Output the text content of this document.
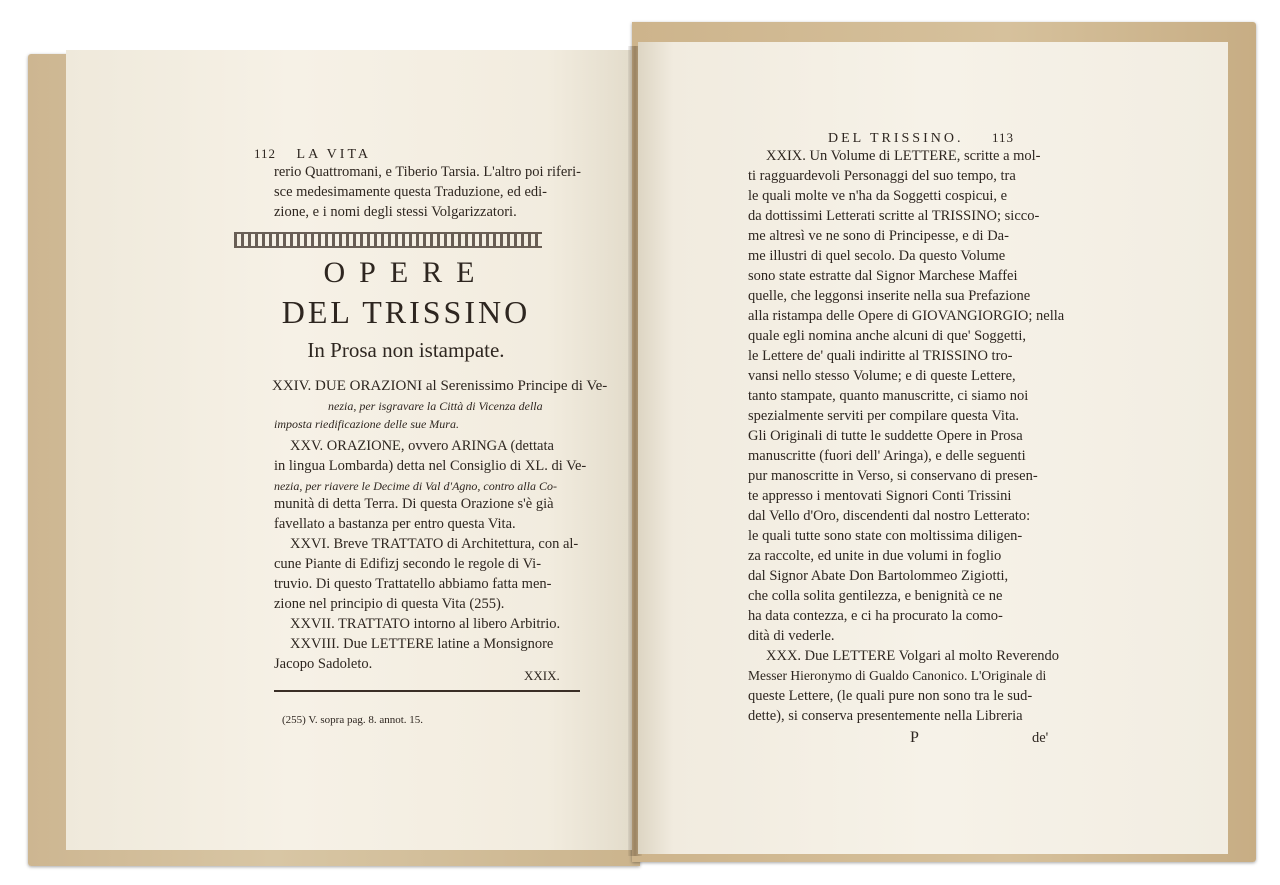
112 LA VITA
rerio Quattromani, e Tiberio Tarsia. L'altro poi riferi-
sce medesimamente questa Traduzione, ed edi-
zione, e i nomi degli stessi Volgarizzatori.
OPERE
DEL TRISSINO
In Prosa non istampate.
XXIV. DUE ORAZIONI al Serenissimo Principe di Ve-
nezia, per isgravare la Città di Vicenza della
imposta riedificazione delle sue Mura.
XXV. ORAZIONE, ovvero ARINGA (dettata
in lingua Lombarda) detta nel Consiglio di XL. di Ve-
nezia, per riavere le Decime di Val d'Agno, contro alla Co-
munità di detta Terra. Di questa Orazione s'è già
favellato a bastanza per entro questa Vita.
XXVI. Breve TRATTATO di Architettura, con al-
cune Piante di Edifizj secondo le regole di Vi-
truvio. Di questo Trattatello abbiamo fatta men-
zione nel principio di questa Vita (255).
XXVII. TRATTATO intorno al libero Arbitrio.
XXVIII. Due LETTERE latine a Monsignore
Jacopo Sadoleto.
XXIX.
(255) V. sopra pag. 8. annot. 15.
DEL TRISSINO. 113
XXIX. Un Volume di LETTERE, scritte a mol-
ti ragguardevoli Personaggi del suo tempo, tra
le quali molte ve n'ha da Soggetti cospicui, e
da dottissimi Letterati scritte al TRISSINO; sicco-
me altresì ve ne sono di Principesse, e di Da-
me illustri di quel secolo. Da questo Volume
sono state estratte dal Signor Marchese Maffei
quelle, che leggonsi inserite nella sua Prefazione
alla ristampa delle Opere di GIOVANGIORGIO; nella
quale egli nomina anche alcuni di que' Soggetti,
le Lettere de' quali indiritte al TRISSINO tro-
vansi nello stesso Volume; e di queste Lettere,
tanto stampate, quanto manuscritte, ci siamo noi
spezialmente serviti per compilare questa Vita.
Gli Originali di tutte le suddette Opere in Prosa
manuscritte (fuori dell' Aringa), e delle seguenti
pur manoscritte in Verso, si conservano di presen-
te appresso i mentovati Signori Conti Trissini
dal Vello d'Oro, discendenti dal nostro Letterato:
le quali tutte sono state con moltissima diligen-
za raccolte, ed unite in due volumi in foglio
dal Signor Abate Don Bartolommeo Zigiotti,
che colla solita gentilezza, e benignità ce ne
ha data contezza, e ci ha procurato la como-
dità di vederle.
XXX. Due LETTERE Volgari al molto Reverendo
Messer Hieronymo di Gualdo Canonico. L'Originale di
queste Lettere, (le quali pure non sono tra le sud-
dette), si conserva presentemente nella Libreria
P	de'
